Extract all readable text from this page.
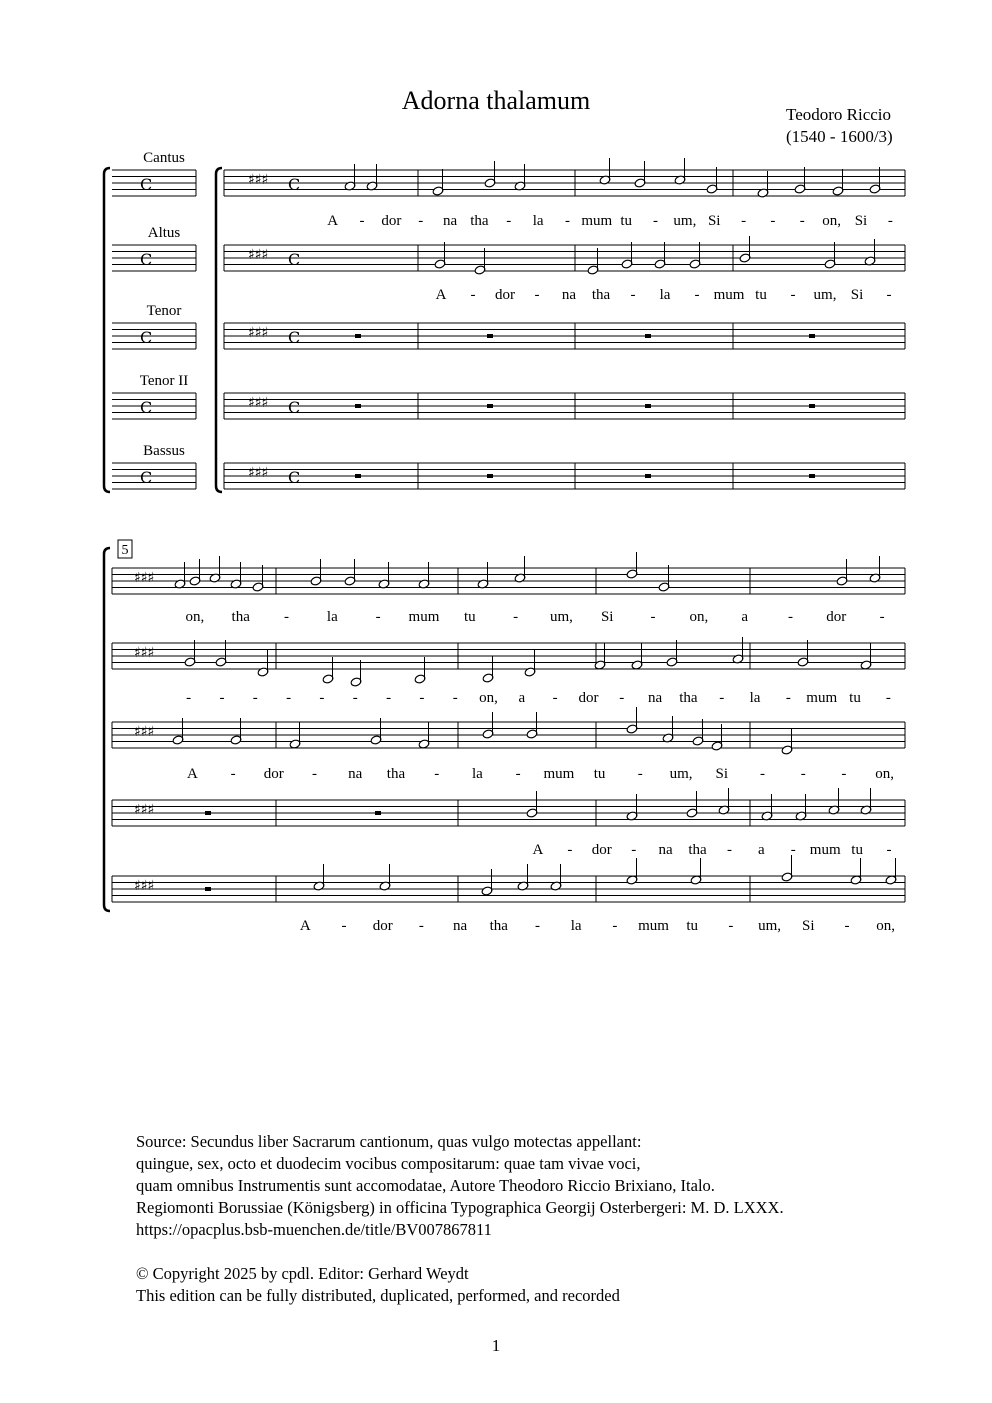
Adorna thalamum	Teodoro Riccio
(1540 - 1600/3)
Cantus
C	C
♯♯♯
Altus
C	C
♯♯♯
Tenor
C	C
♯♯♯
Tenor II
C	C
♯♯♯
Bassus
C	C
♯♯♯
A - dor - na tha - la - mum tu - um, Si - - - on, Si -
A - dor - na tha - la - mum tu - um, Si -
5
♯♯♯
♯♯♯
♯♯♯
♯♯♯
♯♯♯
on, tha -	la	- mum tu - um, Si - on, a	- dor -
- - - - - - - - - on, a - dor - na tha - la - mum tu -
A - dor - na tha - la - mum tu - um, Si - - - on,
A - dor - na tha - a - mum tu -
A - dor - na tha - la - mum tu - um, Si - on,

Source: Secundus liber Sacrarum cantionum, quas vulgo motectas appellant:

quingue, sex, octo et duodecim vocibus compositarum: quae tam vivae voci,

quam omnibus Instrumentis sunt accomodatae, Autore Theodoro Riccio Brixiano, Italo.

Regiomonti Borussiae (Königsberg) in officina Typographica Georgij Osterbergeri: M. D. LXXX.

https://opacplus.bsb-muenchen.de/title/BV007867811

© Copyright 2025 by cpdl. Editor: Gerhard Weydt

This edition can be fully distributed, duplicated, performed, and recorded

1
